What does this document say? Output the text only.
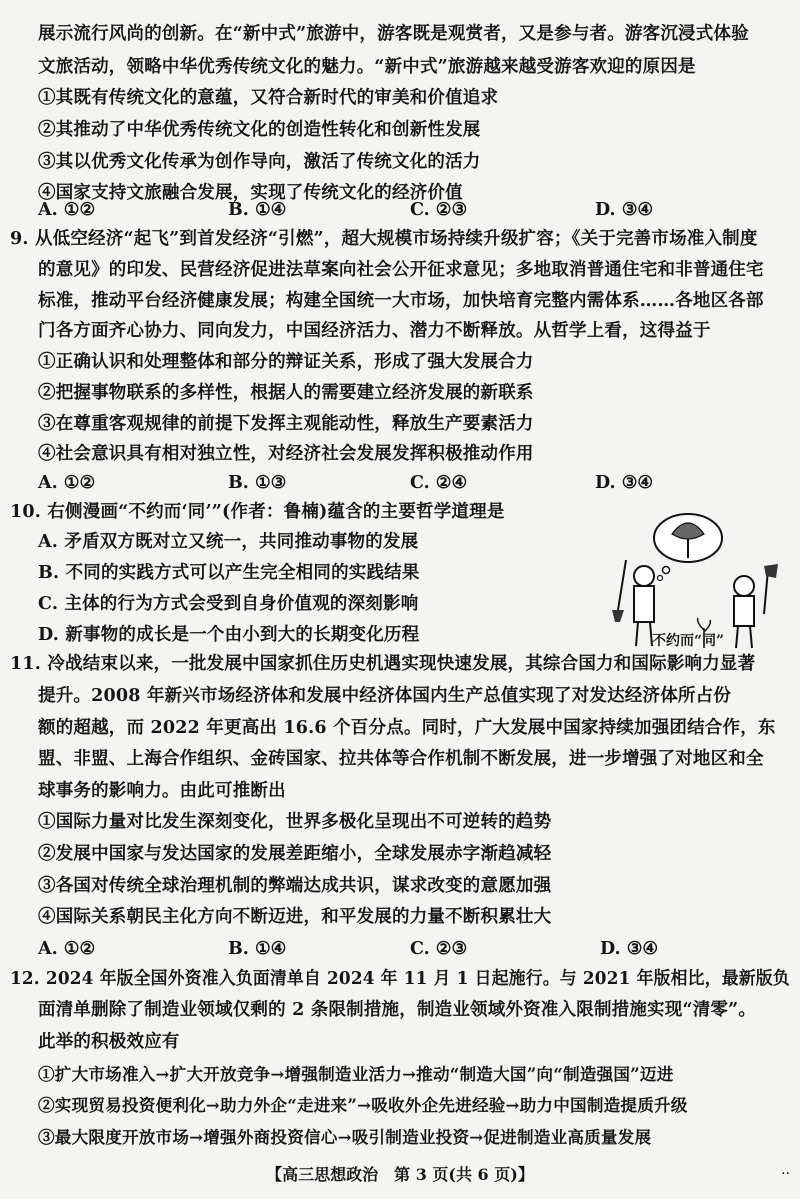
展示流行风尚的创新。在“新中式”旅游中，游客既是观赏者，又是参与者。游客沉浸式体验
文旅活动，领略中华优秀传统文化的魅力。“新中式”旅游越来越受游客欢迎的原因是
①其既有传统文化的意蕴，又符合新时代的审美和价值追求
②其推动了中华优秀传统文化的创造性转化和创新性发展
③其以优秀文化传承为创作导向，激活了传统文化的活力
④国家支持文旅融合发展，实现了传统文化的经济价值
A. ①②	B. ①④	C. ②③	D. ③④
9. 从低空经济“起飞”到首发经济“引燃”，超大规模市场持续升级扩容；《关于完善市场准入制度
的意见》的印发、民营经济促进法草案向社会公开征求意见；多地取消普通住宅和非普通住宅
标准，推动平台经济健康发展；构建全国统一大市场，加快培育完整内需体系……各地区各部
门各方面齐心协力、同向发力，中国经济活力、潜力不断释放。从哲学上看，这得益于
①正确认识和处理整体和部分的辩证关系，形成了强大发展合力
②把握事物联系的多样性，根据人的需要建立经济发展的新联系
③在尊重客观规律的前提下发挥主观能动性，释放生产要素活力
④社会意识具有相对独立性，对经济社会发展发挥积极推动作用
A. ①②	B. ①③	C. ②④	D. ③④
10. 右侧漫画“不约而‘同’”(作者：鲁楠)蕴含的主要哲学道理是
A. 矛盾双方既对立又统一，共同推动事物的发展
B. 不同的实践方式可以产生完全相同的实践结果
C. 主体的行为方式会受到自身价值观的深刻影响
D. 新事物的成长是一个由小到大的长期变化历程	不约而“同”
11. 冷战结束以来，一批发展中国家抓住历史机遇实现快速发展，其综合国力和国际影响力显著
提升。2008 年新兴市场经济体和发展中经济体国内生产总值实现了对发达经济体所占份
额的超越，而 2022 年更高出 16.6 个百分点。同时，广大发展中国家持续加强团结合作，东
盟、非盟、上海合作组织、金砖国家、拉共体等合作机制不断发展，进一步增强了对地区和全
球事务的影响力。由此可推断出
①国际力量对比发生深刻变化，世界多极化呈现出不可逆转的趋势
②发展中国家与发达国家的发展差距缩小，全球发展赤字渐趋减轻
③各国对传统全球治理机制的弊端达成共识，谋求改变的意愿加强
④国际关系朝民主化方向不断迈进，和平发展的力量不断积累壮大
A. ①②	B. ①④	C. ②③	D. ③④
12. 2024 年版全国外资准入负面清单自 2024 年 11 月 1 日起施行。与 2021 年版相比，最新版负
面清单删除了制造业领域仅剩的 2 条限制措施，制造业领域外资准入限制措施实现“清零”。
此举的积极效应有
①扩大市场准入→扩大开放竞争→增强制造业活力→推动“制造大国”向“制造强国”迈进
②实现贸易投资便利化→助力外企“走进来”→吸收外企先进经验→助力中国制造提质升级
③最大限度开放市场→增强外商投资信心→吸引制造业投资→促进制造业高质量发展
【高三思想政治　第 3 页(共 6 页)】	··
